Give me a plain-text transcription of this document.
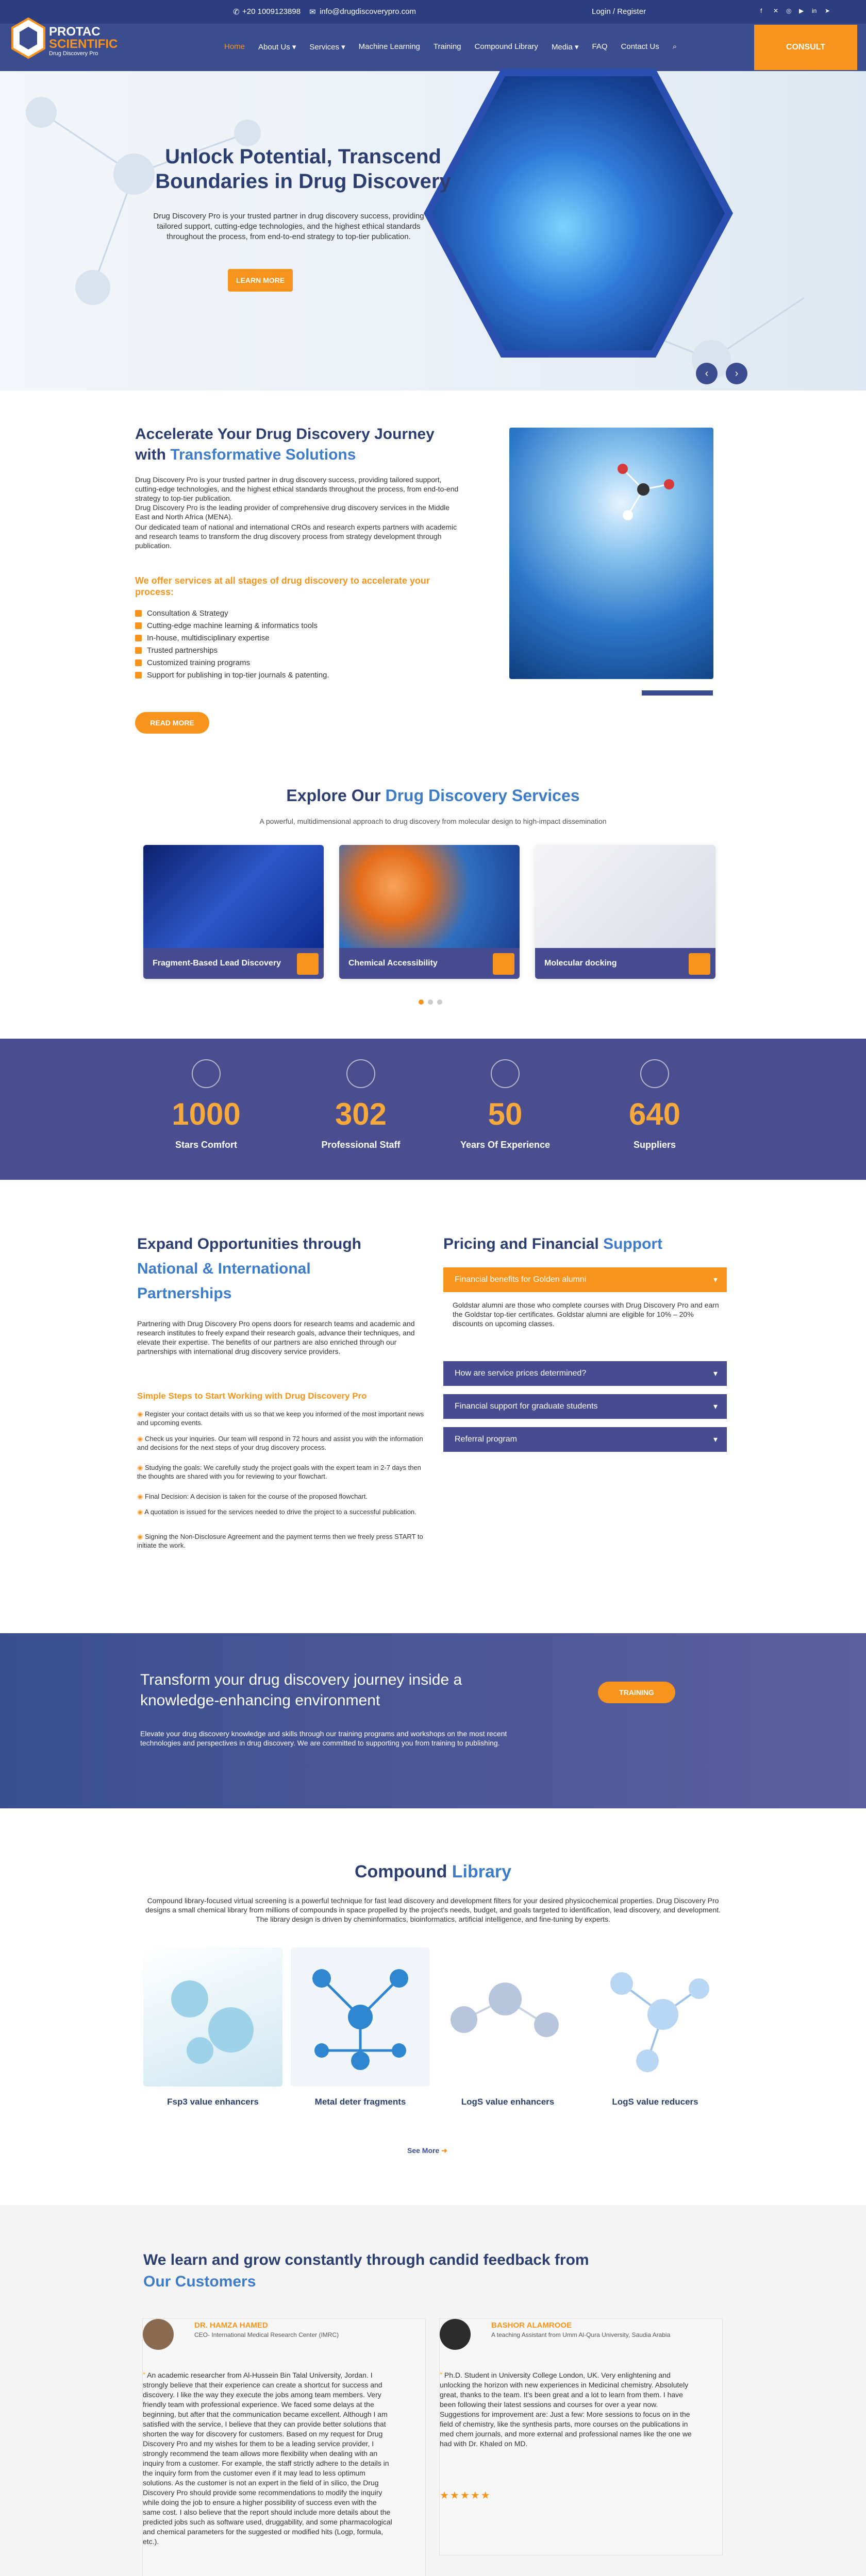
✆ +20 1009123898 ✉ info@drugdiscoverypro.com	Login / Register	f ✕ ◎ ▶ in ➤
PROTAC
SCIENTIFIC
Drug Discovery Pro
Home About Us ▾ Services ▾ Machine Learning Training Compound Library Media ▾ FAQ Contact Us ⌕	CONSULT
Unlock Potential, Transcend
Boundaries in Drug Discovery
Drug Discovery Pro is your trusted partner in drug discovery success, providing tailored support, cutting-edge technologies, and the highest ethical standards throughout the process, from end-to-end strategy to top-tier publication.
LEARN MORE
‹	›
Accelerate Your Drug Discovery Journey
with Transformative Solutions
Drug Discovery Pro is your trusted partner in drug discovery success, providing tailored support, cutting-edge technologies, and the highest ethical standards throughout the process, from end-to-end strategy to top-tier publication.
Drug Discovery Pro is the leading provider of comprehensive drug discovery services in the Middle East and North Africa (MENA).
Our dedicated team of national and international CROs and research experts partners with academic and research teams to transform the drug discovery process from strategy development through publication.
We offer services at all stages of drug discovery to accelerate your process:
Consultation & Strategy
Cutting-edge machine learning & informatics tools
In-house, multidisciplinary expertise
Trusted partnerships
Customized training programs
Support for publishing in top-tier journals & patenting.
READ MORE
Explore Our Drug Discovery Services
A powerful, multidimensional approach to drug discovery from molecular design to high-impact dissemination
Fragment-Based Lead Discovery	Chemical Accessibility	Molecular docking
1000
Stars Comfort
302
Professional Staff
50
Years Of Experience
640
Suppliers
Expand Opportunities through
National & International
Partnerships
Partnering with Drug Discovery Pro opens doors for research teams and academic and research institutes to freely expand their research goals, advance their techniques, and elevate their expertise. The benefits of our partners are also enriched through our partnerships with international drug discovery service providers.
Simple Steps to Start Working with Drug Discovery Pro
◉ Register your contact details with us so that we keep you informed of the most important news and upcoming events.
◉ Check us your inquiries. Our team will respond in 72 hours and assist you with the information and decisions for the next steps of your drug discovery process.
◉ Studying the goals: We carefully study the project goals with the expert team in 2-7 days then the thoughts are shared with you for reviewing to your flowchart.
◉ Final Decision: A decision is taken for the course of the proposed flowchart.
◉ A quotation is issued for the services needed to drive the project to a successful publication.
◉ Signing the Non-Disclosure Agreement and the payment terms then we freely press START to initiate the work.
Pricing and Financial Support
Financial benefits for Golden alumni ▾
Goldstar alumni are those who complete courses with Drug Discovery Pro and earn the Goldstar top-tier certificates. Goldstar alumni are eligible for 10% – 20% discounts on upcoming classes.
How are service prices determined? ▾
Financial support for graduate students ▾
Referral program ▾
Transform your drug discovery journey inside a
knowledge-enhancing environment
Elevate your drug discovery knowledge and skills through our training programs and workshops on the most recent technologies and perspectives in drug discovery. We are committed to supporting you from training to publishing.
TRAINING
Compound Library
Compound library-focused virtual screening is a powerful technique for fast lead discovery and development filters for your desired physicochemical properties. Drug Discovery Pro designs a small chemical library from millions of compounds in space propelled by the project's needs, budget, and goals targeted to identification, lead discovery, and development. The library design is driven by cheminformatics, bioinformatics, artificial intelligence, and fine-tuning by experts.
Fsp3 value enhancers	Metal deter fragments	LogS value enhancers	LogS value reducers
See More ➜
We learn and grow constantly through candid feedback from
Our Customers
DR. HAMZA HAMED
CEO- International Medical Research Center (IMRC)
" An academic researcher from Al-Hussein Bin Talal University, Jordan. I strongly believe that their experience can create a shortcut for success and discovery. I like the way they execute the jobs among team members. Very friendly team with professional experience. We faced some delays at the beginning, but after that the communication became excellent. Although I am satisfied with the service, I believe that they can provide better solutions that shorten the way for discovery for customers. Based on my request for Drug Discovery Pro and my wishes for them to be a leading service provider, I strongly recommend the team allows more flexibility when dealing with an inquiry from a customer. For example, the staff strictly adhere to the details in the inquiry form from the customer even if it may lead to less optimum solutions. As the customer is not an expert in the field of in silico, the Drug Discovery Pro should provide some recommendations to modify the inquiry while doing the job to ensure a higher possibility of success even with the same cost. I also believe that the report should include more details about the predicted jobs such as software used, druggability, and some pharmacological and chemical parameters for the suggested or modified hits (Logp, formula, etc.).
BASHOR ALAMROOE
A teaching Assistant from Umm Al-Qura University, Saudia Arabia
" Ph.D. Student in University College London, UK. Very enlightening and unlocking the horizon with new experiences in Medicinal chemistry. Absolutely great, thanks to the team. It's been great and a lot to learn from them. I have been following their latest sessions and courses for over a year now. Suggestions for improvement are: Just a few: More sessions to focus on in the field of chemistry, like the synthesis parts, more courses on the publications in med chem journals, and more external and professional names like the one we had with Dr. Khaled on MD.
★★★★★
